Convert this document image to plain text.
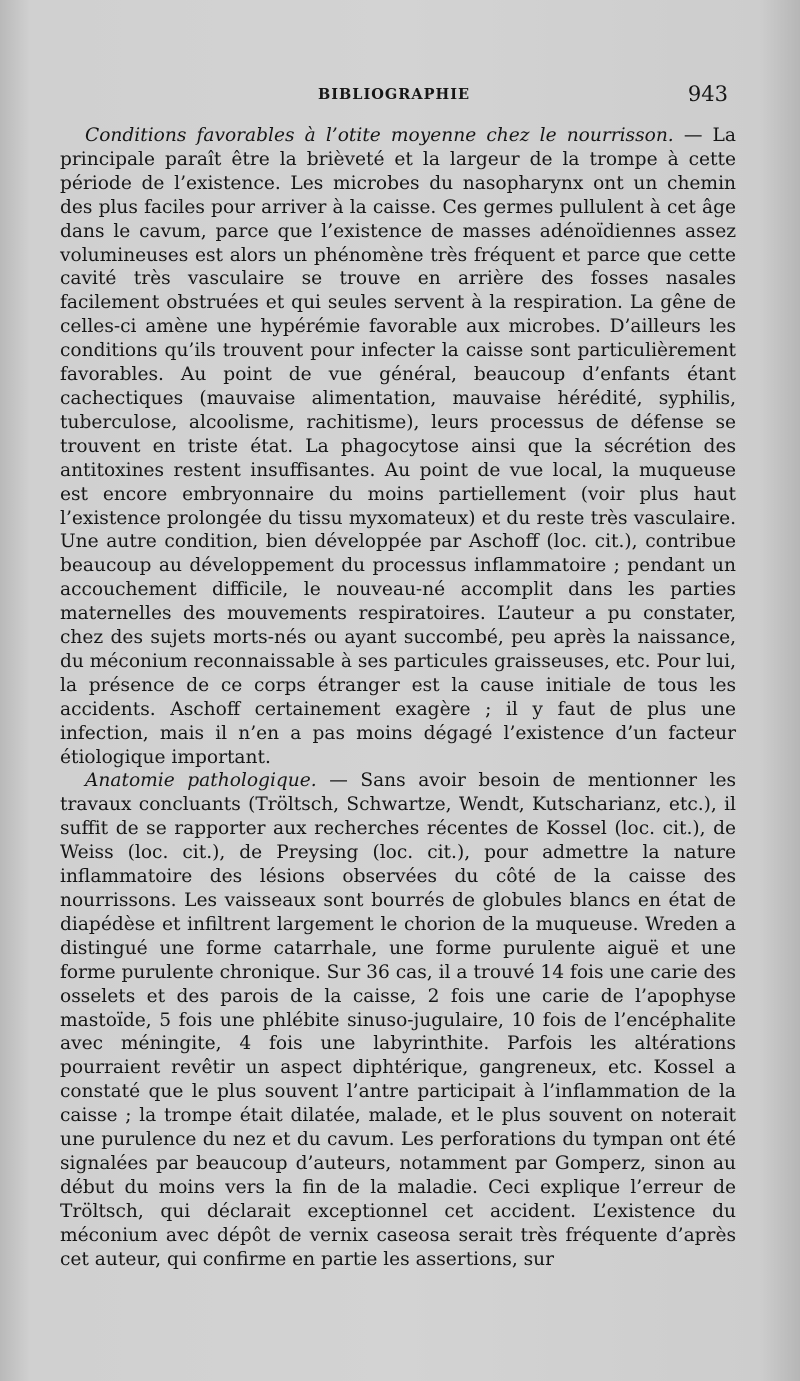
BIBLIOGRAPHIE	943

Conditions favorables à l’otite moyenne chez le nourrisson. — La principale paraît être la brièveté et la largeur de la trompe à cette période de l’existence. Les microbes du nasopharynx ont un chemin des plus faciles pour arriver à la caisse. Ces germes pullulent à cet âge dans le cavum, parce que l’existence de masses adénoïdiennes assez volumineuses est alors un phénomène très fréquent et parce que cette cavité très vasculaire se trouve en arrière des fosses nasales facilement obstruées et qui seules servent à la respiration. La gêne de celles-ci amène une hypérémie favorable aux microbes. D’ailleurs les conditions qu’ils trouvent pour infecter la caisse sont particulièrement favorables. Au point de vue général, beaucoup d’enfants étant cachectiques (mauvaise alimentation, mauvaise hérédité, syphilis, tuberculose, alcoolisme, rachitisme), leurs processus de défense se trouvent en triste état. La phagocytose ainsi que la sécrétion des antitoxines restent insuffisantes. Au point de vue local, la muqueuse est encore embryonnaire du moins partiellement (voir plus haut l’existence prolongée du tissu myxomateux) et du reste très vasculaire. Une autre condition, bien développée par Aschoff (loc. cit.), contribue beaucoup au développement du processus inflammatoire ; pendant un accouchement difficile, le nouveau-né accomplit dans les parties maternelles des mouvements respiratoires. L’auteur a pu constater, chez des sujets morts-nés ou ayant succombé, peu après la naissance, du méconium reconnaissable à ses particules graisseuses, etc. Pour lui, la présence de ce corps étranger est la cause initiale de tous les accidents. Aschoff certainement exagère ; il y faut de plus une infection, mais il n’en a pas moins dégagé l’existence d’un facteur étiologique important.

Anatomie pathologique. — Sans avoir besoin de mentionner les travaux concluants (Tröltsch, Schwartze, Wendt, Kutscharianz, etc.), il suffit de se rapporter aux recherches récentes de Kossel (loc. cit.), de Weiss (loc. cit.), de Preysing (loc. cit.), pour admettre la nature inflammatoire des lésions observées du côté de la caisse des nourrissons. Les vaisseaux sont bourrés de globules blancs en état de diapédèse et infiltrent largement le chorion de la muqueuse. Wreden a distingué une forme catarrhale, une forme purulente aiguë et une forme purulente chronique. Sur 36 cas, il a trouvé 14 fois une carie des osselets et des parois de la caisse, 2 fois une carie de l’apophyse mastoïde, 5 fois une phlébite sinuso-jugulaire, 10 fois de l’encéphalite avec méningite, 4 fois une labyrinthite. Parfois les altérations pourraient revêtir un aspect diphtérique, gangreneux, etc. Kossel a constaté que le plus souvent l’antre participait à l’inflammation de la caisse ; la trompe était dilatée, malade, et le plus souvent on noterait une purulence du nez et du cavum. Les perforations du tympan ont été signalées par beaucoup d’auteurs, notamment par Gomperz, sinon au début du moins vers la fin de la maladie. Ceci explique l’erreur de Tröltsch, qui déclarait exceptionnel cet accident. L’existence du méconium avec dépôt de vernix caseosa serait très fréquente d’après cet auteur, qui confirme en partie les assertions, sur
